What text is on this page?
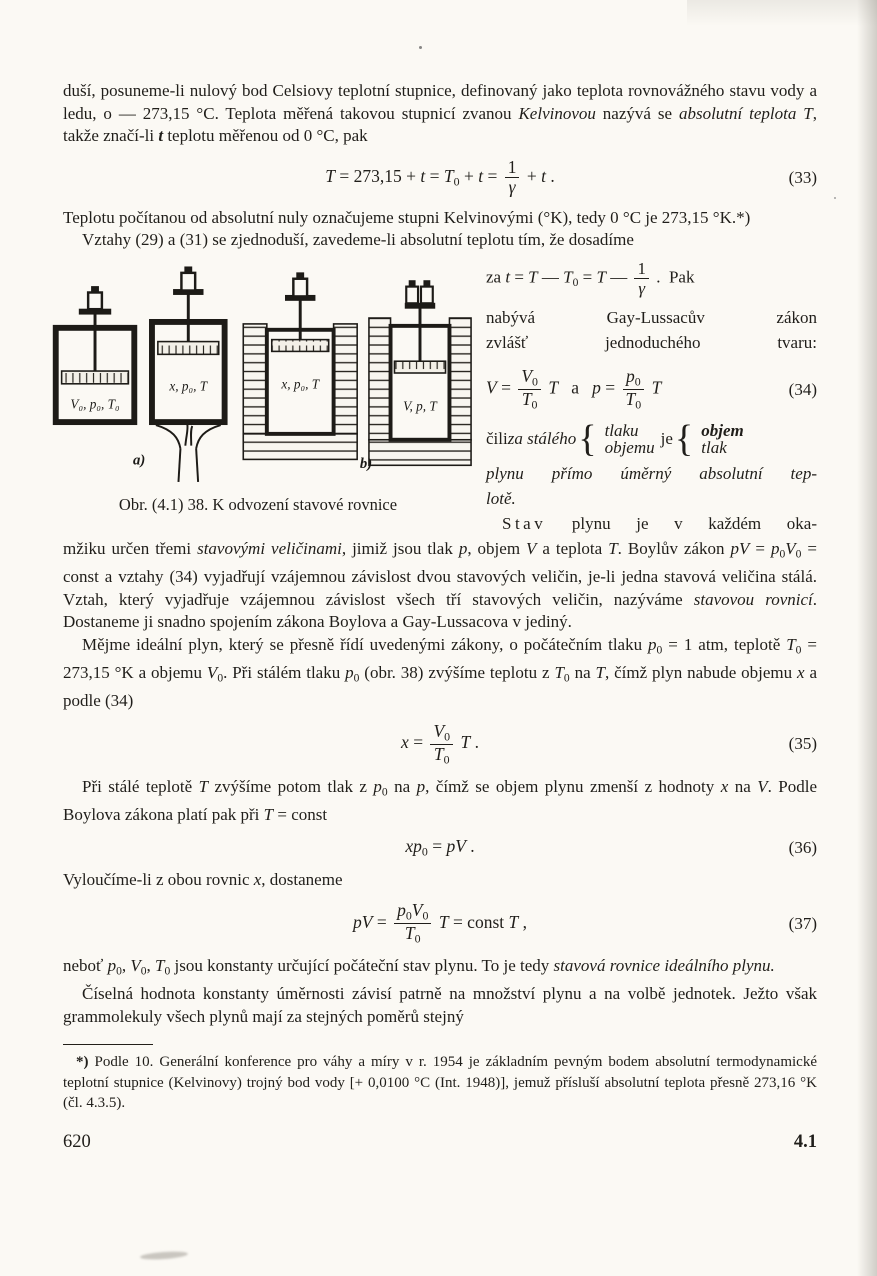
duší, posuneme-li nulový bod Celsiovy teplotní stupnice, definovaný jako teplota rovnovážného stavu vody a ledu, o — 273,15 °C. Teplota měřená takovou stupnicí zvanou Kelvinovou nazývá se absolutní teplota T, takže značí-li t teplotu měřenou od 0 °C, pak

$T = 273,15 + t = T_0 + t = \frac{1}{\gamma} + t$ .	(33)

Teplotu počítanou od absolutní nuly označujeme stupni Kelvinovými (°K), tedy 0 °C je 273,15 °K.*)

Vztahy (29) a (31) se zjednoduší, zavedeme-li absolutní teplotu tím, že dosadíme

V₀, p₀, T₀
x, p₀, T
a)
x, p₀, T
V, p, T
b)
Obr. (4.1) 38. K odvození stavové rovnice
za t = T — $T_0 = T$ — $\frac{1}{\gamma}$ .  Pak
nabývá Gay-Lussacův zákon
zvlášť jednoduchého tvaru:
$V = \frac{V_0}{T_0}$ T   a   $p = \frac{p_0}{T_0}$ T	(34)
čili za stálého { tlaku
objemu je { objem
tlak
plynu přímo úměrný absolutní tep-
lotě.
Stav plynu je v každém oka-

mžiku určen třemi stavovými veličinami, jimiž jsou tlak p, objem V a teplota T. Boylův zákon pV = $p_0V_0$ = const a vztahy (34) vyjadřují vzájemnou závislost dvou stavových veličin, je-li jedna stavová veličina stálá. Vztah, který vyjadřuje vzájemnou závislost všech tří stavových veličin, nazýváme stavovou rovnicí. Dostaneme ji snadno spojením zákona Boylova a Gay-Lussacova v jediný.

Mějme ideální plyn, který se přesně řídí uvedenými zákony, o počátečním tlaku $p_0 = 1$ atm, teplotě $T_0 = 273,15$ °K a objemu $V_0$. Při stálém tlaku $p_0$ (obr. 38) zvýšíme teplotu z $T_0$ na T, čímž plyn nabude objemu x a podle (34)

$x = \frac{V_0}{T_0}$ T .	(35)

Při stálé teplotě T zvýšíme potom tlak z $p_0$ na p, čímž se objem plynu zmenší z hodnoty x na V. Podle Boylova zákona platí pak při T = const

$xp_0$ = pV .	(36)

Vyloučíme-li z obou rovnic x, dostaneme

pV = $\frac{p_0V_0}{T_0}$ T = const T ,	(37)

neboť $p_0$, $V_0$, $T_0$ jsou konstanty určující počáteční stav plynu. To je tedy stavová rovnice ideálního plynu.

Číselná hodnota konstanty úměrnosti závisí patrně na množství plynu a na volbě jednotek. Ježto však grammolekuly všech plynů mají za stejných poměrů stejný

*) Podle 10. Generální konference pro váhy a míry v r. 1954 je základním pevným bodem absolutní termodynamické teplotní stupnice (Kelvinovy) trojný bod vody [+ 0,0100 °C (Int. 1948)], jemuž přísluší absolutní teplota přesně 273,16 °K (čl. 4.3.5).

620	4.1
